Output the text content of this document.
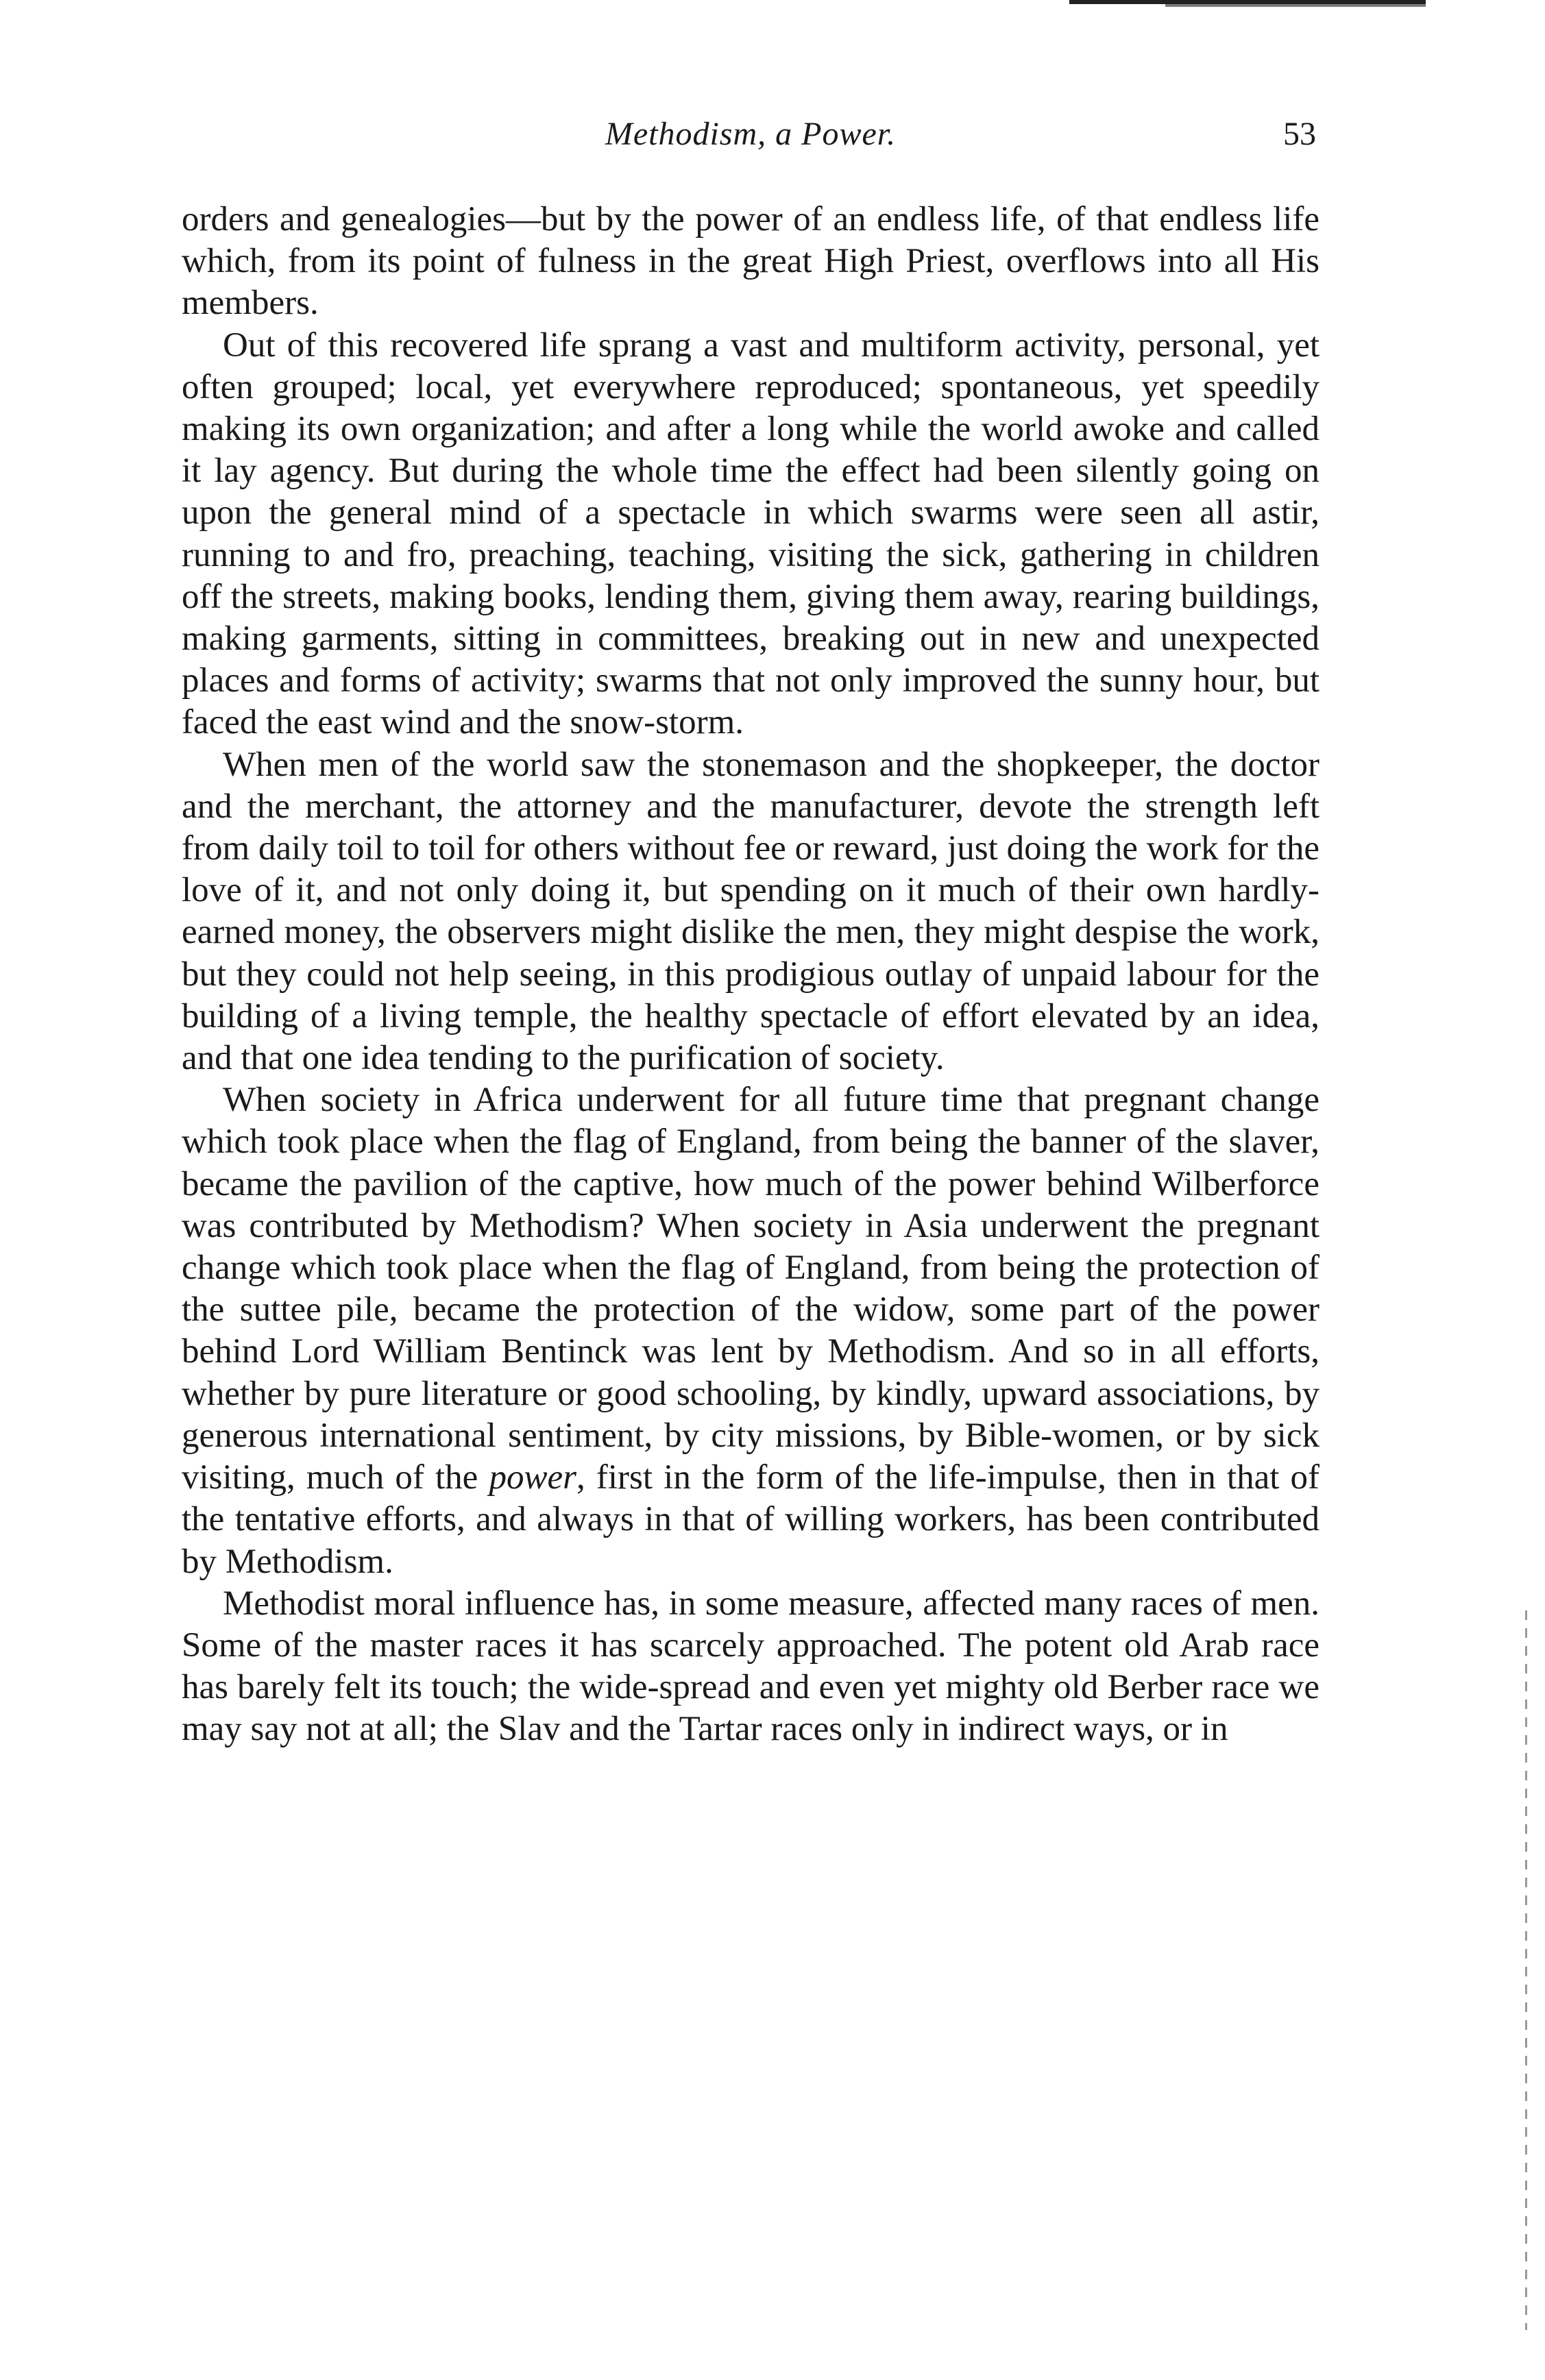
Methodism, a Power.	53

orders and genealogies—but by the power of an endless life, of that endless life which, from its point of fulness in the great High Priest, overflows into all His members.

Out of this recovered life sprang a vast and multiform activity, personal, yet often grouped; local, yet everywhere reproduced; spontaneous, yet speedily making its own organization; and after a long while the world awoke and called it lay agency. But during the whole time the effect had been silently going on upon the general mind of a spectacle in which swarms were seen all astir, running to and fro, preaching, teaching, visiting the sick, gathering in children off the streets, making books, lending them, giving them away, rearing buildings, making garments, sitting in committees, breaking out in new and unexpected places and forms of activity; swarms that not only improved the sunny hour, but faced the east wind and the snow-storm.

When men of the world saw the stonemason and the shopkeeper, the doctor and the merchant, the attorney and the manufacturer, devote the strength left from daily toil to toil for others without fee or reward, just doing the work for the love of it, and not only doing it, but spending on it much of their own hardly-earned money, the observers might dislike the men, they might despise the work, but they could not help seeing, in this prodigious outlay of unpaid labour for the building of a living temple, the healthy spectacle of effort elevated by an idea, and that one idea tending to the purification of society.

When society in Africa underwent for all future time that pregnant change which took place when the flag of England, from being the banner of the slaver, became the pavilion of the captive, how much of the power behind Wilberforce was contributed by Methodism? When society in Asia underwent the pregnant change which took place when the flag of England, from being the protection of the suttee pile, became the protection of the widow, some part of the power behind Lord William Bentinck was lent by Methodism. And so in all efforts, whether by pure literature or good schooling, by kindly, upward associations, by generous international sentiment, by city missions, by Bible-women, or by sick visiting, much of the power, first in the form of the life-impulse, then in that of the tentative efforts, and always in that of willing workers, has been contributed by Methodism.

Methodist moral influence has, in some measure, affected many races of men. Some of the master races it has scarcely approached. The potent old Arab race has barely felt its touch; the wide-spread and even yet mighty old Berber race we may say not at all; the Slav and the Tartar races only in indirect ways, or in
